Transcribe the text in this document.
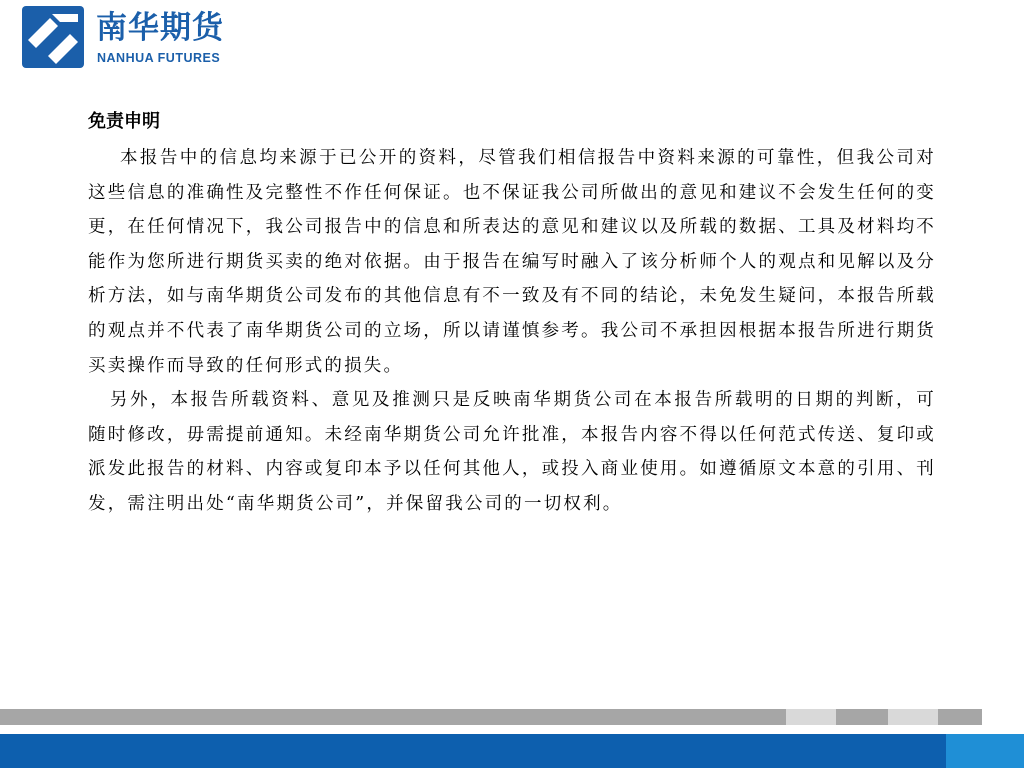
南华期货
NANHUA FUTURES
免责申明

本报告中的信息均来源于已公开的资料，尽管我们相信报告中资料来源的可靠性，但我公司对这些信息的准确性及完整性不作任何保证。也不保证我公司所做出的意见和建议不会发生任何的变更，在任何情况下，我公司报告中的信息和所表达的意见和建议以及所载的数据、工具及材料均不能作为您所进行期货买卖的绝对依据。由于报告在编写时融入了该分析师个人的观点和见解以及分析方法，如与南华期货公司发布的其他信息有不一致及有不同的结论，未免发生疑问，本报告所载的观点并不代表了南华期货公司的立场，所以请谨慎参考。我公司不承担因根据本报告所进行期货买卖操作而导致的任何形式的损失。

另外，本报告所载资料、意见及推测只是反映南华期货公司在本报告所载明的日期的判断，可随时修改，毋需提前通知。未经南华期货公司允许批准，本报告内容不得以任何范式传送、复印或派发此报告的材料、内容或复印本予以任何其他人，或投入商业使用。如遵循原文本意的引用、刊发，需注明出处“南华期货公司”，并保留我公司的一切权利。
